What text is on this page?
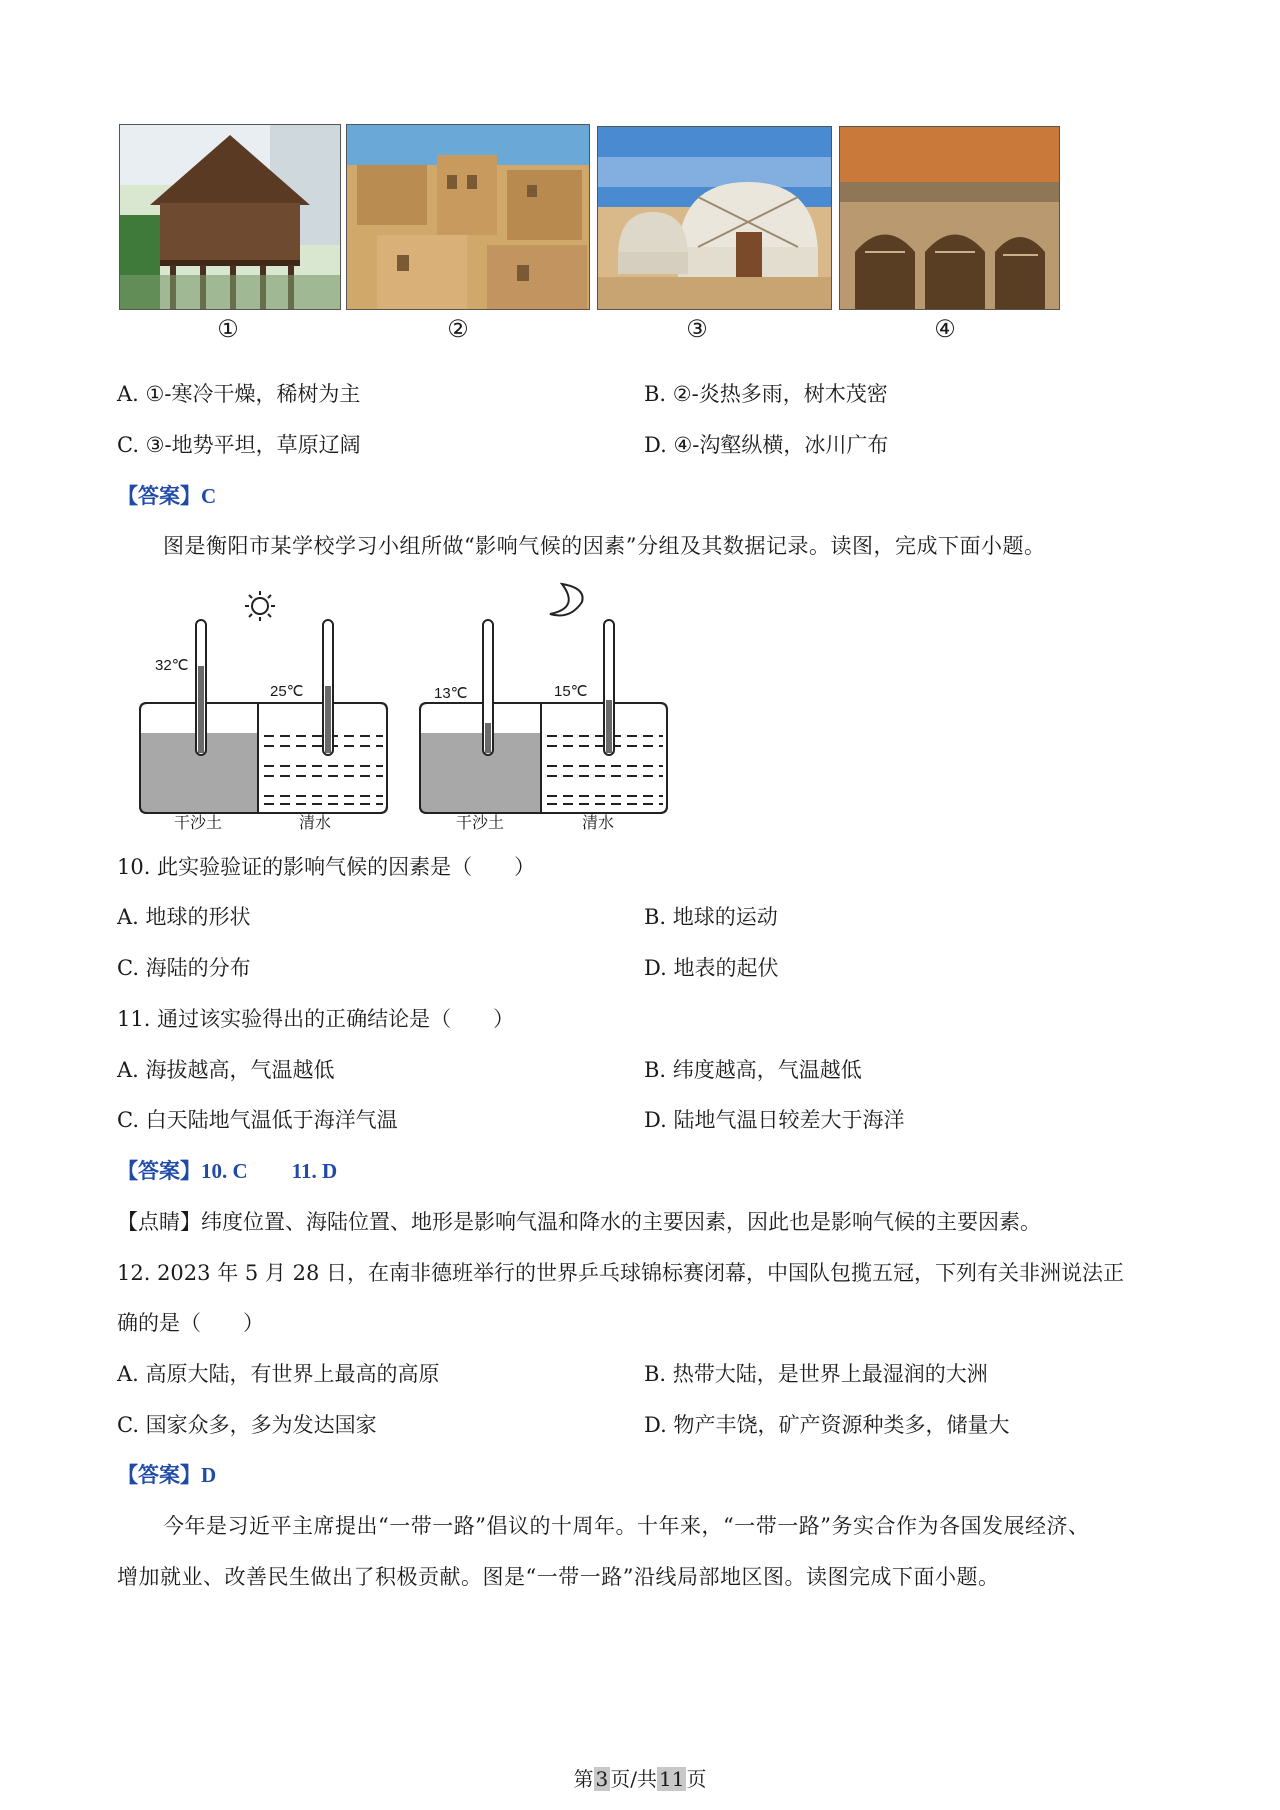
①	②	③	④
A. ①-寒冷干燥，稀树为主	B. ②-炎热多雨，树木茂密
C. ③-地势平坦，草原辽阔	D. ④-沟壑纵横，冰川广布
【答案】C
图是衡阳市某学校学习小组所做“影响气候的因素”分组及其数据记录。读图，完成下面小题。
32℃
25℃	13℃	15℃
干沙土	清水	干沙土	清水
10. 此实验验证的影响气候的因素是（　　）
A. 地球的形状	B. 地球的运动
C. 海陆的分布	D. 地表的起伏
11. 通过该实验得出的正确结论是（　　）
A. 海拔越高，气温越低	B. 纬度越高，气温越低
C. 白天陆地气温低于海洋气温	D. 陆地气温日较差大于海洋
【答案】10. C 11. D
【点睛】纬度位置、海陆位置、地形是影响气温和降水的主要因素，因此也是影响气候的主要因素。
12. 2023 年 5 月 28 日，在南非德班举行的世界乒乓球锦标赛闭幕，中国队包揽五冠，下列有关非洲说法正
确的是（　　）
A. 高原大陆，有世界上最高的高原	B. 热带大陆，是世界上最湿润的大洲
C. 国家众多，多为发达国家	D. 物产丰饶，矿产资源种类多，储量大
【答案】D
今年是习近平主席提出“一带一路”倡议的十周年。十年来，“一带一路”务实合作为各国发展经济、
增加就业、改善民生做出了积极贡献。图是“一带一路”沿线局部地区图。读图完成下面小题。
第 3 页/共 11 页
